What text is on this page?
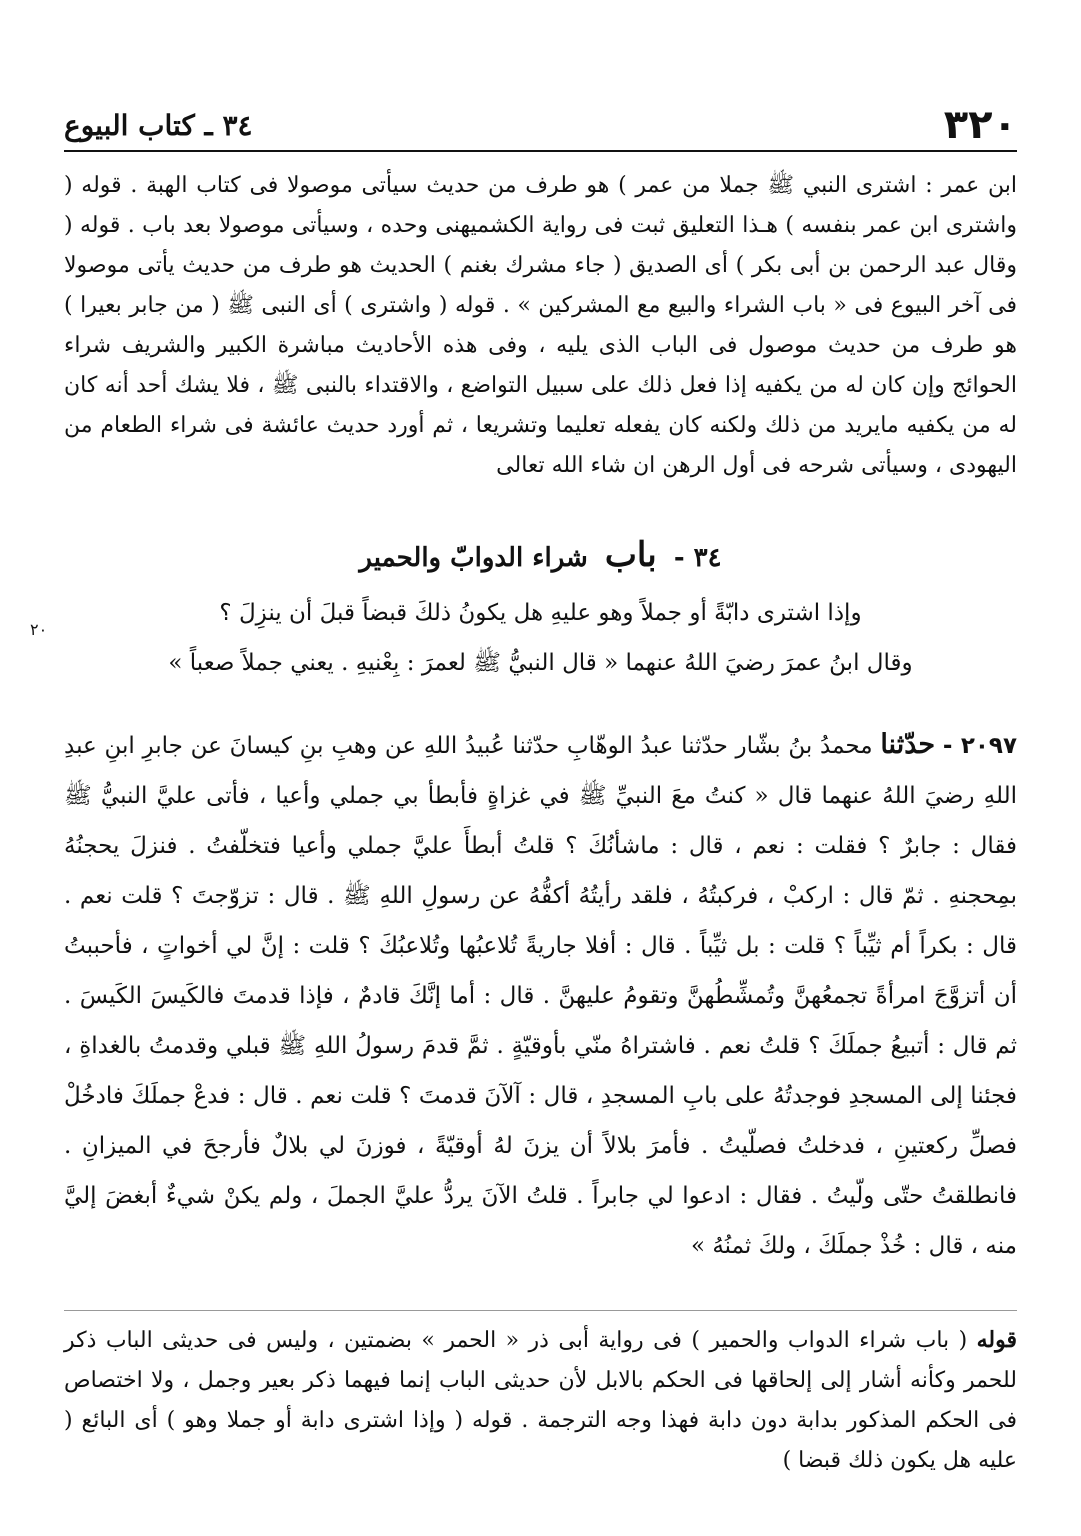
٣٢٠
٣٤ ـ كتاب البيوع

ابن عمر : اشترى النبي ﷺ جملا من عمر ) هو طرف من حديث سيأتى موصولا فى كتاب الهبة . قوله ( واشترى ابن عمر بنفسه ) هـذا التعليق ثبت فى رواية الكشميهنى وحده ، وسيأتى موصولا بعد باب . قوله ( وقال عبد الرحمن بن أبى بكر ) أى الصديق ( جاء مشرك بغنم ) الحديث هو طرف من حديث يأتى موصولا فى آخر البيوع فى « باب الشراء والبيع مع المشركين » . قوله ( واشترى ) أى النبى ﷺ ( من جابر بعيرا ) هو طرف من حديث موصول فى الباب الذى يليه ، وفى هذه الأحاديث مباشرة الكبير والشريف شراء الحوائج وإن كان له من يكفيه إذا فعل ذلك على سبيل التواضع ، والاقتداء بالنبى ﷺ ، فلا يشك أحد أنه كان له من يكفيه مايريد من ذلك ولكنه كان يفعله تعليما وتشريعا ، ثم أورد حديث عائشة فى شراء الطعام من اليهودى ، وسيأتى شرحه فى أول الرهن ان شاء الله تعالى

٣٤ - باب شراء الدوابّ والحمير

وإذا اشترى دابّةً أو جملاً وهو عليهِ هل يكونُ ذلكَ قبضاً قبلَ أن ينزِلَ ؟

وقال ابنُ عمرَ رضيَ اللهُ عنهما « قال النبيُّ ﷺ لعمرَ : بِعْنيهِ . يعني جملاً صعباً »

٢٠
٢٠٩٧ - حدّثنا محمدُ بنُ بشّار حدّثنا عبدُ الوهّابِ حدّثنا عُبيدُ اللهِ عن وهبِ بنِ كيسانَ عن جابرِ ابنِ عبدِ اللهِ رضيَ اللهُ عنهما قال « كنتُ معَ النبيِّ ﷺ في غزاةٍ فأبطأ بي جملي وأعيا ، فأتى عليَّ النبيُّ ﷺ فقال : جابرٌ ؟ فقلت : نعم ، قال : ماشأنُكَ ؟ قلتُ أبطأَ عليَّ جملي وأعيا فتخلّفتُ . فنزلَ يحجنُهُ بمِحجنهِ . ثمّ قال : اركبْ ، فركبتُهُ ، فلقد رأيتُهُ أكفُّهُ عن رسولِ اللهِ ﷺ . قال : تزوّجتَ ؟ قلت نعم . قال : بكراً أم ثيِّباً ؟ قلت : بل ثيِّباً . قال : أفلا جاريةً تُلاعبُها وتُلاعبُكَ ؟ قلت : إنَّ لي أخواتٍ ، فأحببتُ أن أتزوَّجَ امرأةً تجمعُهنَّ وتُمشِّطُهنَّ وتقومُ عليهنَّ . قال : أما إنَّكَ قادمٌ ، فإذا قدمتَ فالكَيسَ الكَيسَ . ثم قال : أتبيعُ جملَكَ ؟ قلتُ نعم . فاشتراهُ منّي بأوقيّةٍ . ثمَّ قدمَ رسولُ اللهِ ﷺ قبلي وقدمتُ بالغداةِ ، فجئنا إلى المسجدِ فوجدتُهُ على بابِ المسجدِ ، قال : آلآنَ قدمتَ ؟ قلت نعم . قال : فدعْ جملَكَ فادخُلْ فصلِّ ركعتينِ ، فدخلتُ فصلّيتُ . فأمرَ بلالاً أن يزنَ لهُ أوقيّةً ، فوزنَ لي بلالٌ فأرجحَ في الميزانِ . فانطلقتُ حتّى ولّيتُ . فقال : ادعوا لي جابراً . قلتُ الآنَ يردُّ عليَّ الجملَ ، ولم يكنْ شيءٌ أبغضَ إليَّ منه ، قال : خُذْ جملَكَ ، ولكَ ثمنُهُ »
قوله ( باب شراء الدواب والحمير ) فى رواية أبى ذر « الحمر » بضمتين ، وليس فى حديثى الباب ذكر للحمر وكأنه أشار إلى إلحاقها فى الحكم بالابل لأن حديثى الباب إنما فيهما ذكر بعير وجمل ، ولا اختصاص فى الحكم المذكور بدابة دون دابة فهذا وجه الترجمة . قوله ( وإذا اشترى دابة أو جملا وهو ) أى البائع ( عليه هل يكون ذلك قبضا )
